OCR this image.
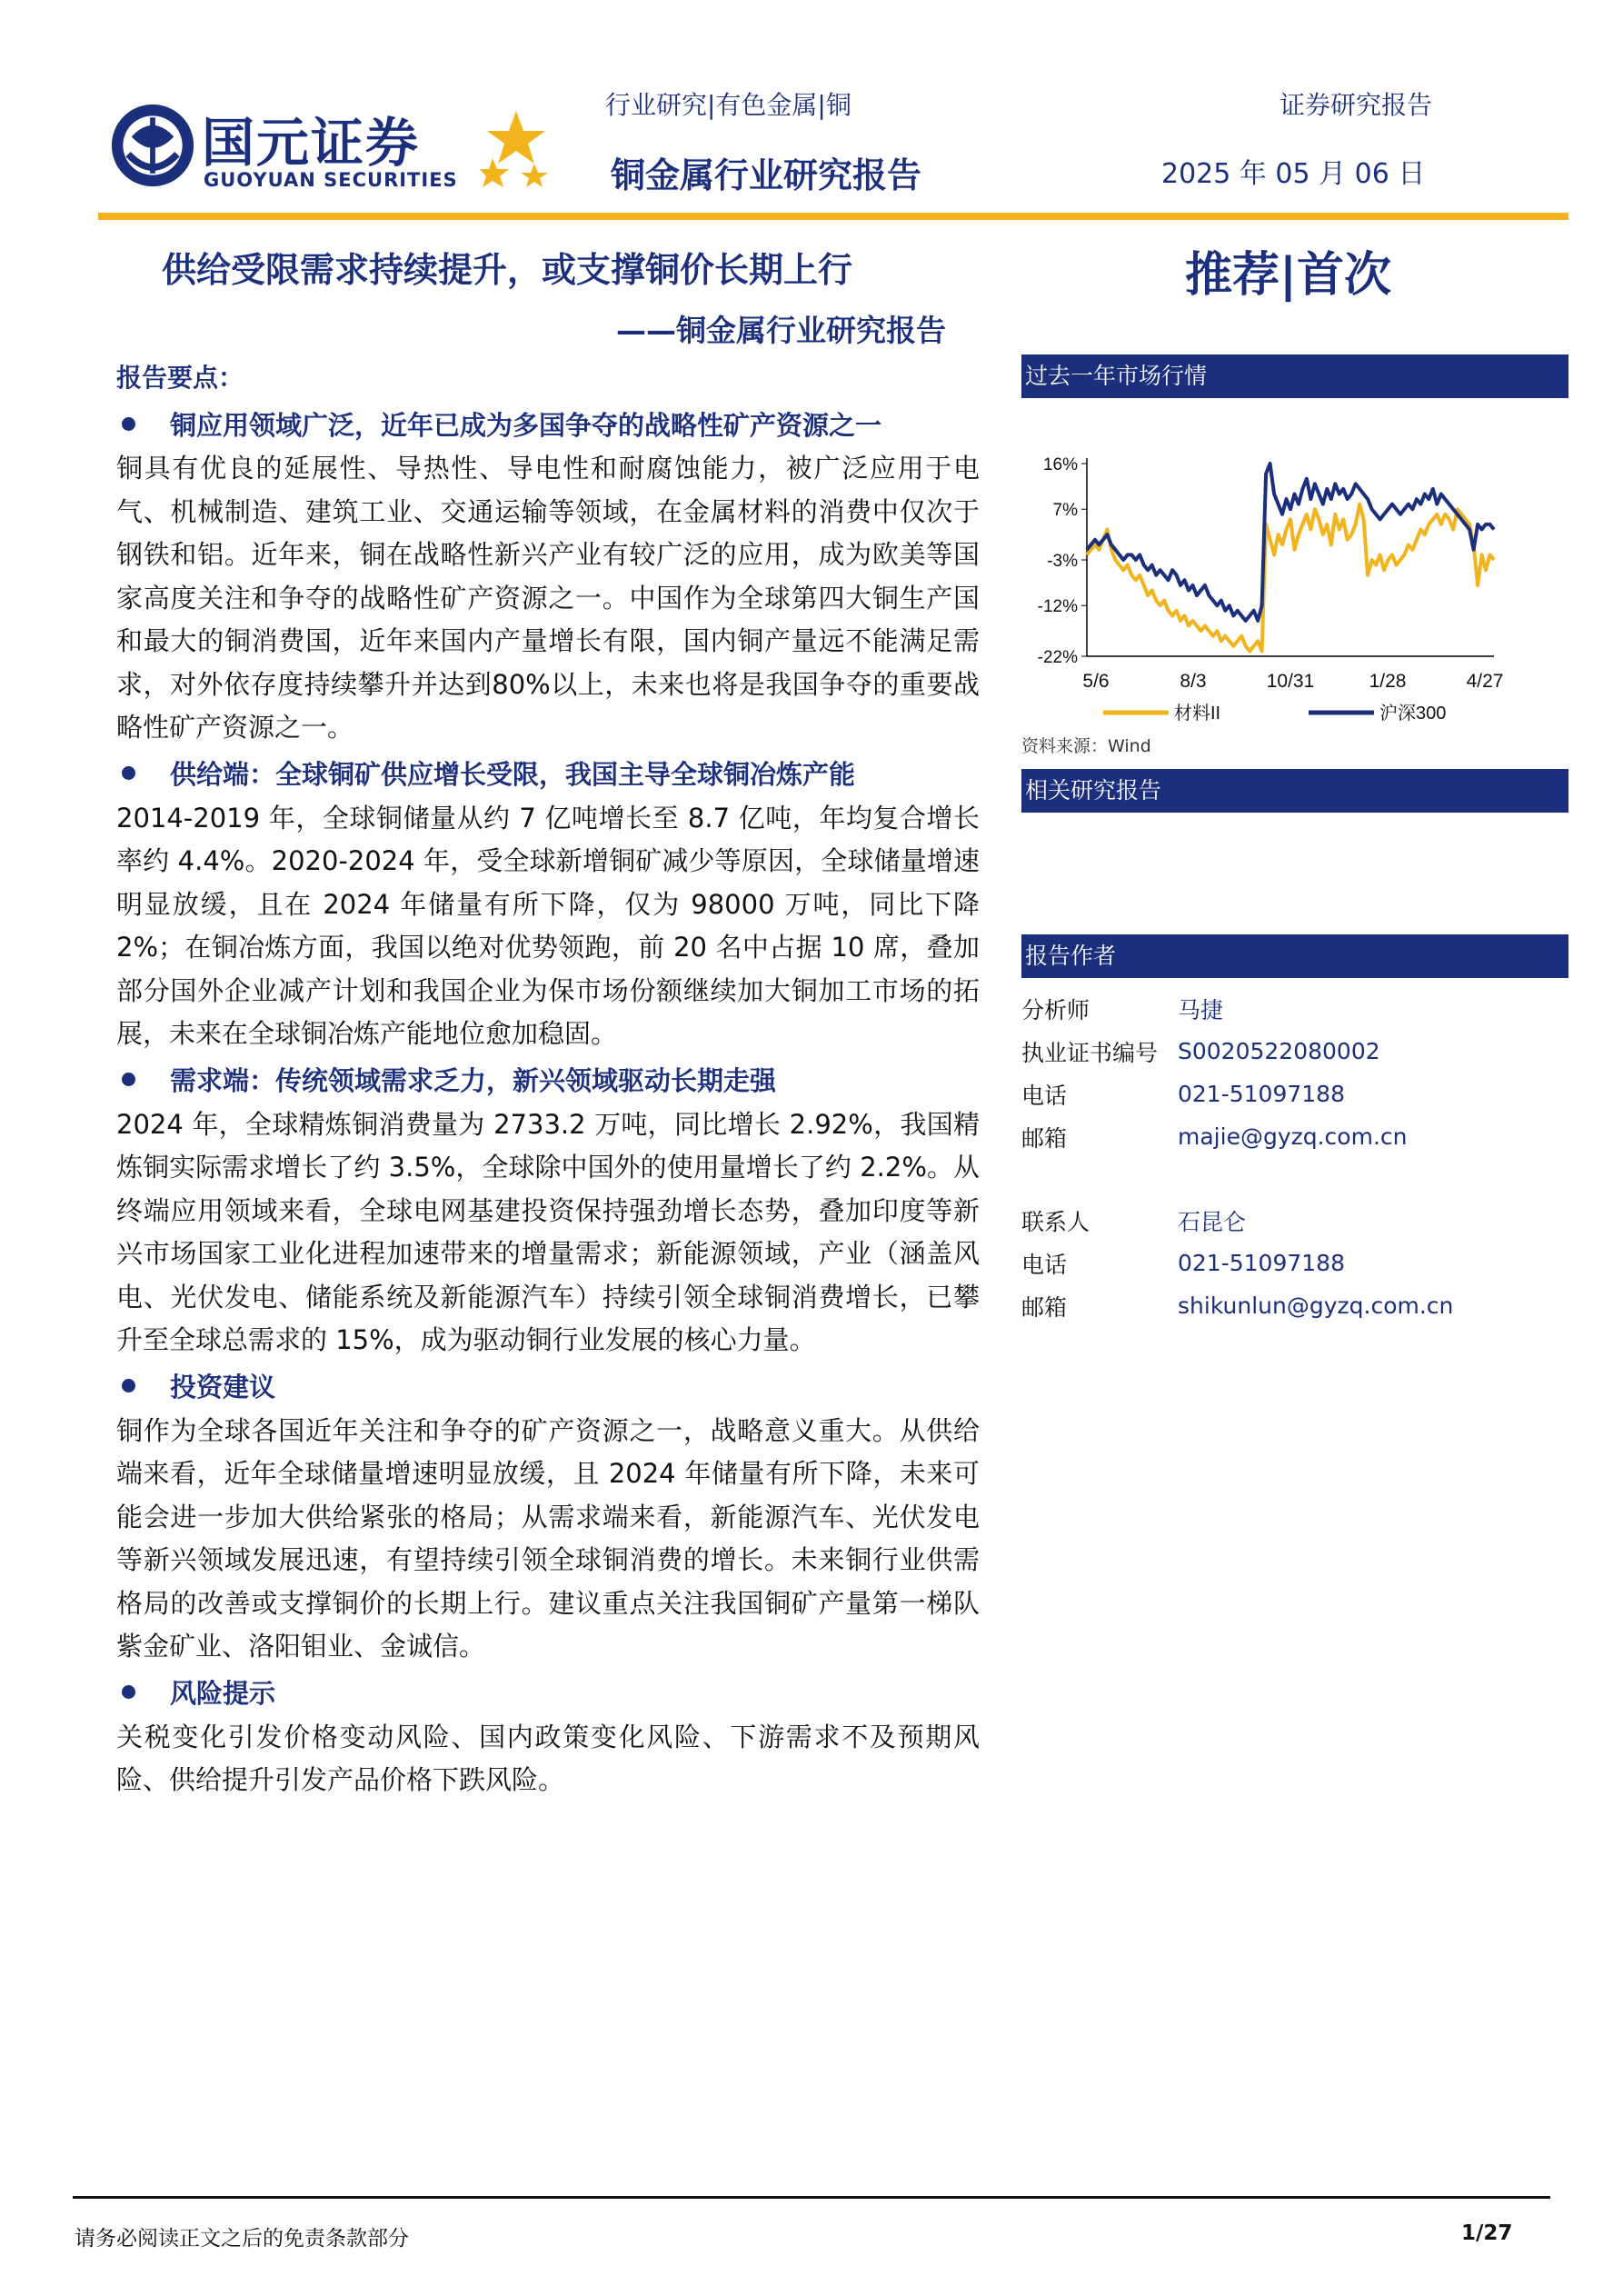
国元证券
GUOYUAN SECURITIES
行业研究|有色金属|铜	证券研究报告
铜金属行业研究报告	2025 年 05 月 06 日
供给受限需求持续提升，或支撑铜价长期上行
——铜金属行业研究报告
推荐|首次
报告要点：
铜应用领域广泛，近年已成为多国争夺的战略性矿产资源之一
铜具有优良的延展性、导热性、导电性和耐腐蚀能力，被广泛应用于电气、机械制造、建筑工业、交通运输等领域，在金属材料的消费中仅次于钢铁和铝。近年来，铜在战略性新兴产业有较广泛的应用，成为欧美等国家高度关注和争夺的战略性矿产资源之一。中国作为全球第四大铜生产国和最大的铜消费国，近年来国内产量增长有限，国内铜产量远不能满足需求，对外依存度持续攀升并达到80%以上，未来也将是我国争夺的重要战略性矿产资源之一。
供给端：全球铜矿供应增长受限，我国主导全球铜冶炼产能
2014-2019 年，全球铜储量从约 7 亿吨增长至 8.7 亿吨，年均复合增长率约 4.4%。2020-2024 年，受全球新增铜矿减少等原因，全球储量增速明显放缓，且在 2024 年储量有所下降，仅为 98000 万吨，同比下降 2%；在铜冶炼方面，我国以绝对优势领跑，前 20 名中占据 10 席，叠加部分国外企业减产计划和我国企业为保市场份额继续加大铜加工市场的拓展，未来在全球铜冶炼产能地位愈加稳固。
需求端：传统领域需求乏力，新兴领域驱动长期走强
2024 年，全球精炼铜消费量为 2733.2 万吨，同比增长 2.92%，我国精炼铜实际需求增长了约 3.5%，全球除中国外的使用量增长了约 2.2%。从终端应用领域来看，全球电网基建投资保持强劲增长态势，叠加印度等新兴市场国家工业化进程加速带来的增量需求；新能源领域，产业（涵盖风电、光伏发电、储能系统及新能源汽车）持续引领全球铜消费增长，已攀升至全球总需求的 15%，成为驱动铜行业发展的核心力量。
投资建议
铜作为全球各国近年关注和争夺的矿产资源之一，战略意义重大。从供给端来看，近年全球储量增速明显放缓，且 2024 年储量有所下降，未来可能会进一步加大供给紧张的格局；从需求端来看，新能源汽车、光伏发电等新兴领域发展迅速，有望持续引领全球铜消费的增长。未来铜行业供需格局的改善或支撑铜价的长期上行。建议重点关注我国铜矿产量第一梯队紫金矿业、洛阳钼业、金诚信。
风险提示
关税变化引发价格变动风险、国内政策变化风险、下游需求不及预期风险、供给提升引发产品价格下跌风险。
过去一年市场行情
16%
7%
-3%
-12%
-22%
5/6	8/3	10/31	1/28	4/27
材料II	沪深300
资料来源：Wind
相关研究报告
报告作者
分析师	马捷
执业证书编号 S0020522080002
电话	021-51097188
邮箱	majie@gyzq.com.cn
联系人	石昆仑
电话	021-51097188
邮箱	shikunlun@gyzq.com.cn
请务必阅读正文之后的免责条款部分	1/27
